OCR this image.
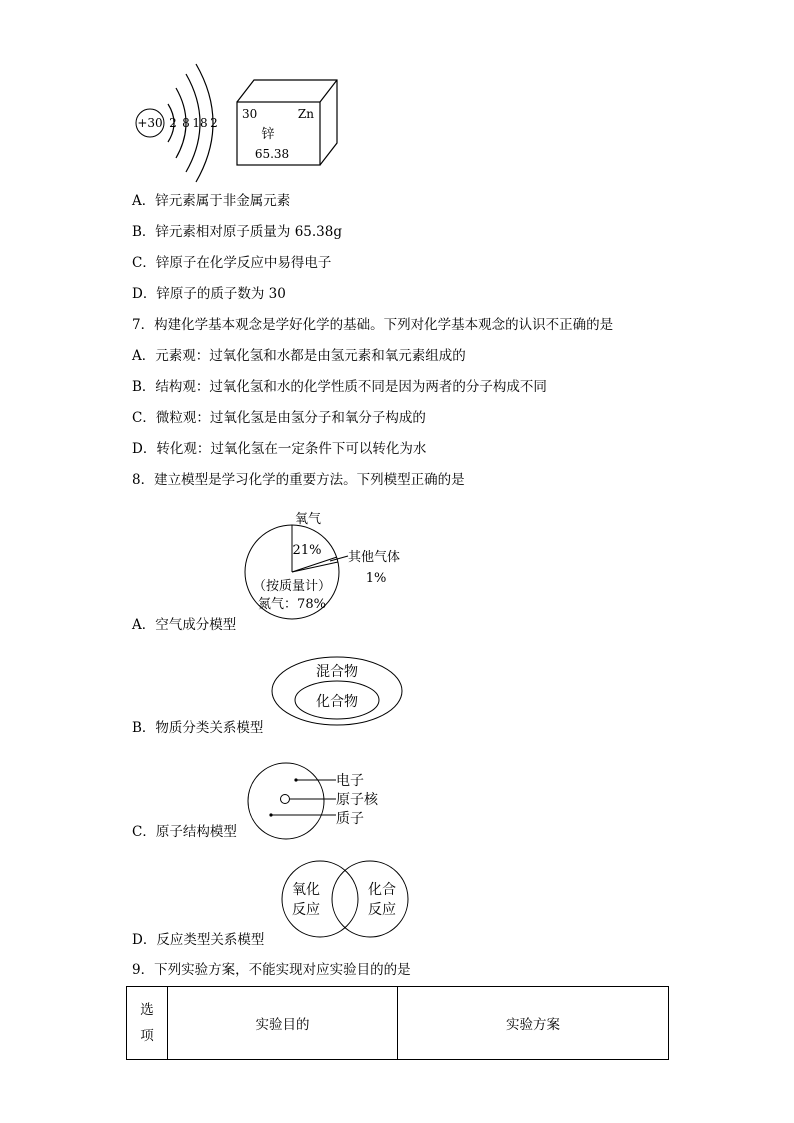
+30 2 8 18 2
30	Zn
锌
65.38
A．锌元素属于非金属元素
B．锌元素相对原子质量为 65.38g
C．锌原子在化学反应中易得电子
D．锌原子的质子数为 30
7．构建化学基本观念是学好化学的基础。下列对化学基本观念的认识不正确的是
A．元素观：过氧化氢和水都是由氢元素和氧元素组成的
B．结构观：过氧化氢和水的化学性质不同是因为两者的分子构成不同
C．微粒观：过氧化氢是由氢分子和氧分子构成的
D．转化观：过氧化氢在一定条件下可以转化为水
8．建立模型是学习化学的重要方法。下列模型正确的是
氧气
21% 其他气体
1%
（按质量计）
氮气：78%
A．空气成分模型
混合物
化合物
B．物质分类关系模型
电子
原子核
质子
C．原子结构模型
氧化
反应
化合
反应
D．反应类型关系模型
9．下列实验方案，不能实现对应实验目的的是
选
项
	实验目的	实验方案
